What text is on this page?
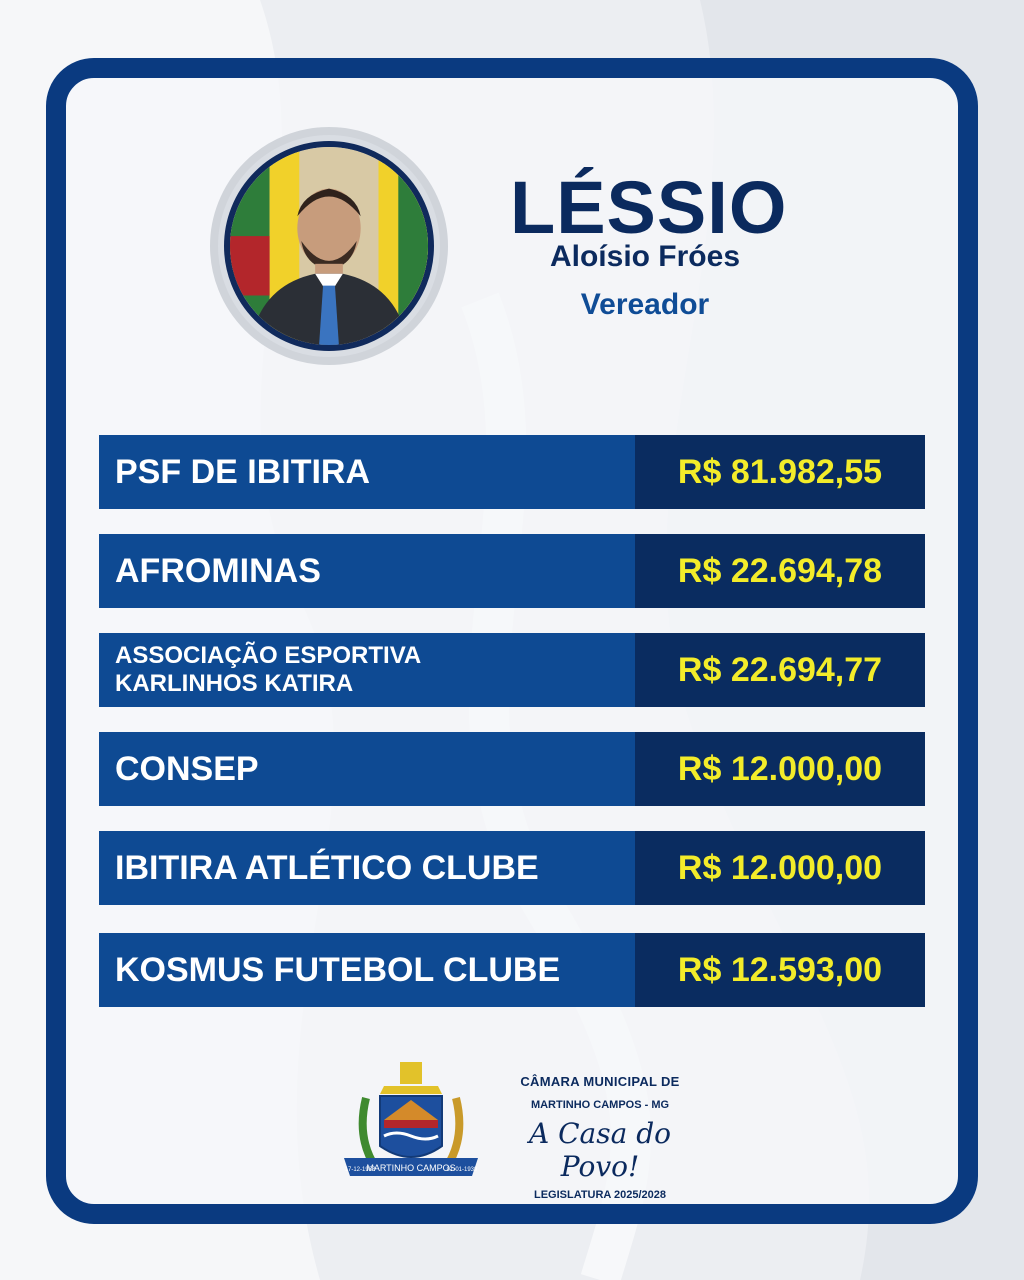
LÉSSIO
Aloísio Fróes
Vereador
PSF DE IBITIRA	R$ 81.982,55
AFROMINAS	R$ 22.694,78
ASSOCIAÇÃO ESPORTIVA
KARLINHOS KATIRA	R$ 22.694,77
CONSEP	R$ 12.000,00
IBITIRA ATLÉTICO CLUBE	R$ 12.000,00
KOSMUS FUTEBOL CLUBE	R$ 12.593,00
MARTINHO CAMPOS
17-12-1938	01-01-1939
CÂMARA MUNICIPAL DE
MARTINHO CAMPOS - MG
A Casa do Povo!
LEGISLATURA 2025/2028
